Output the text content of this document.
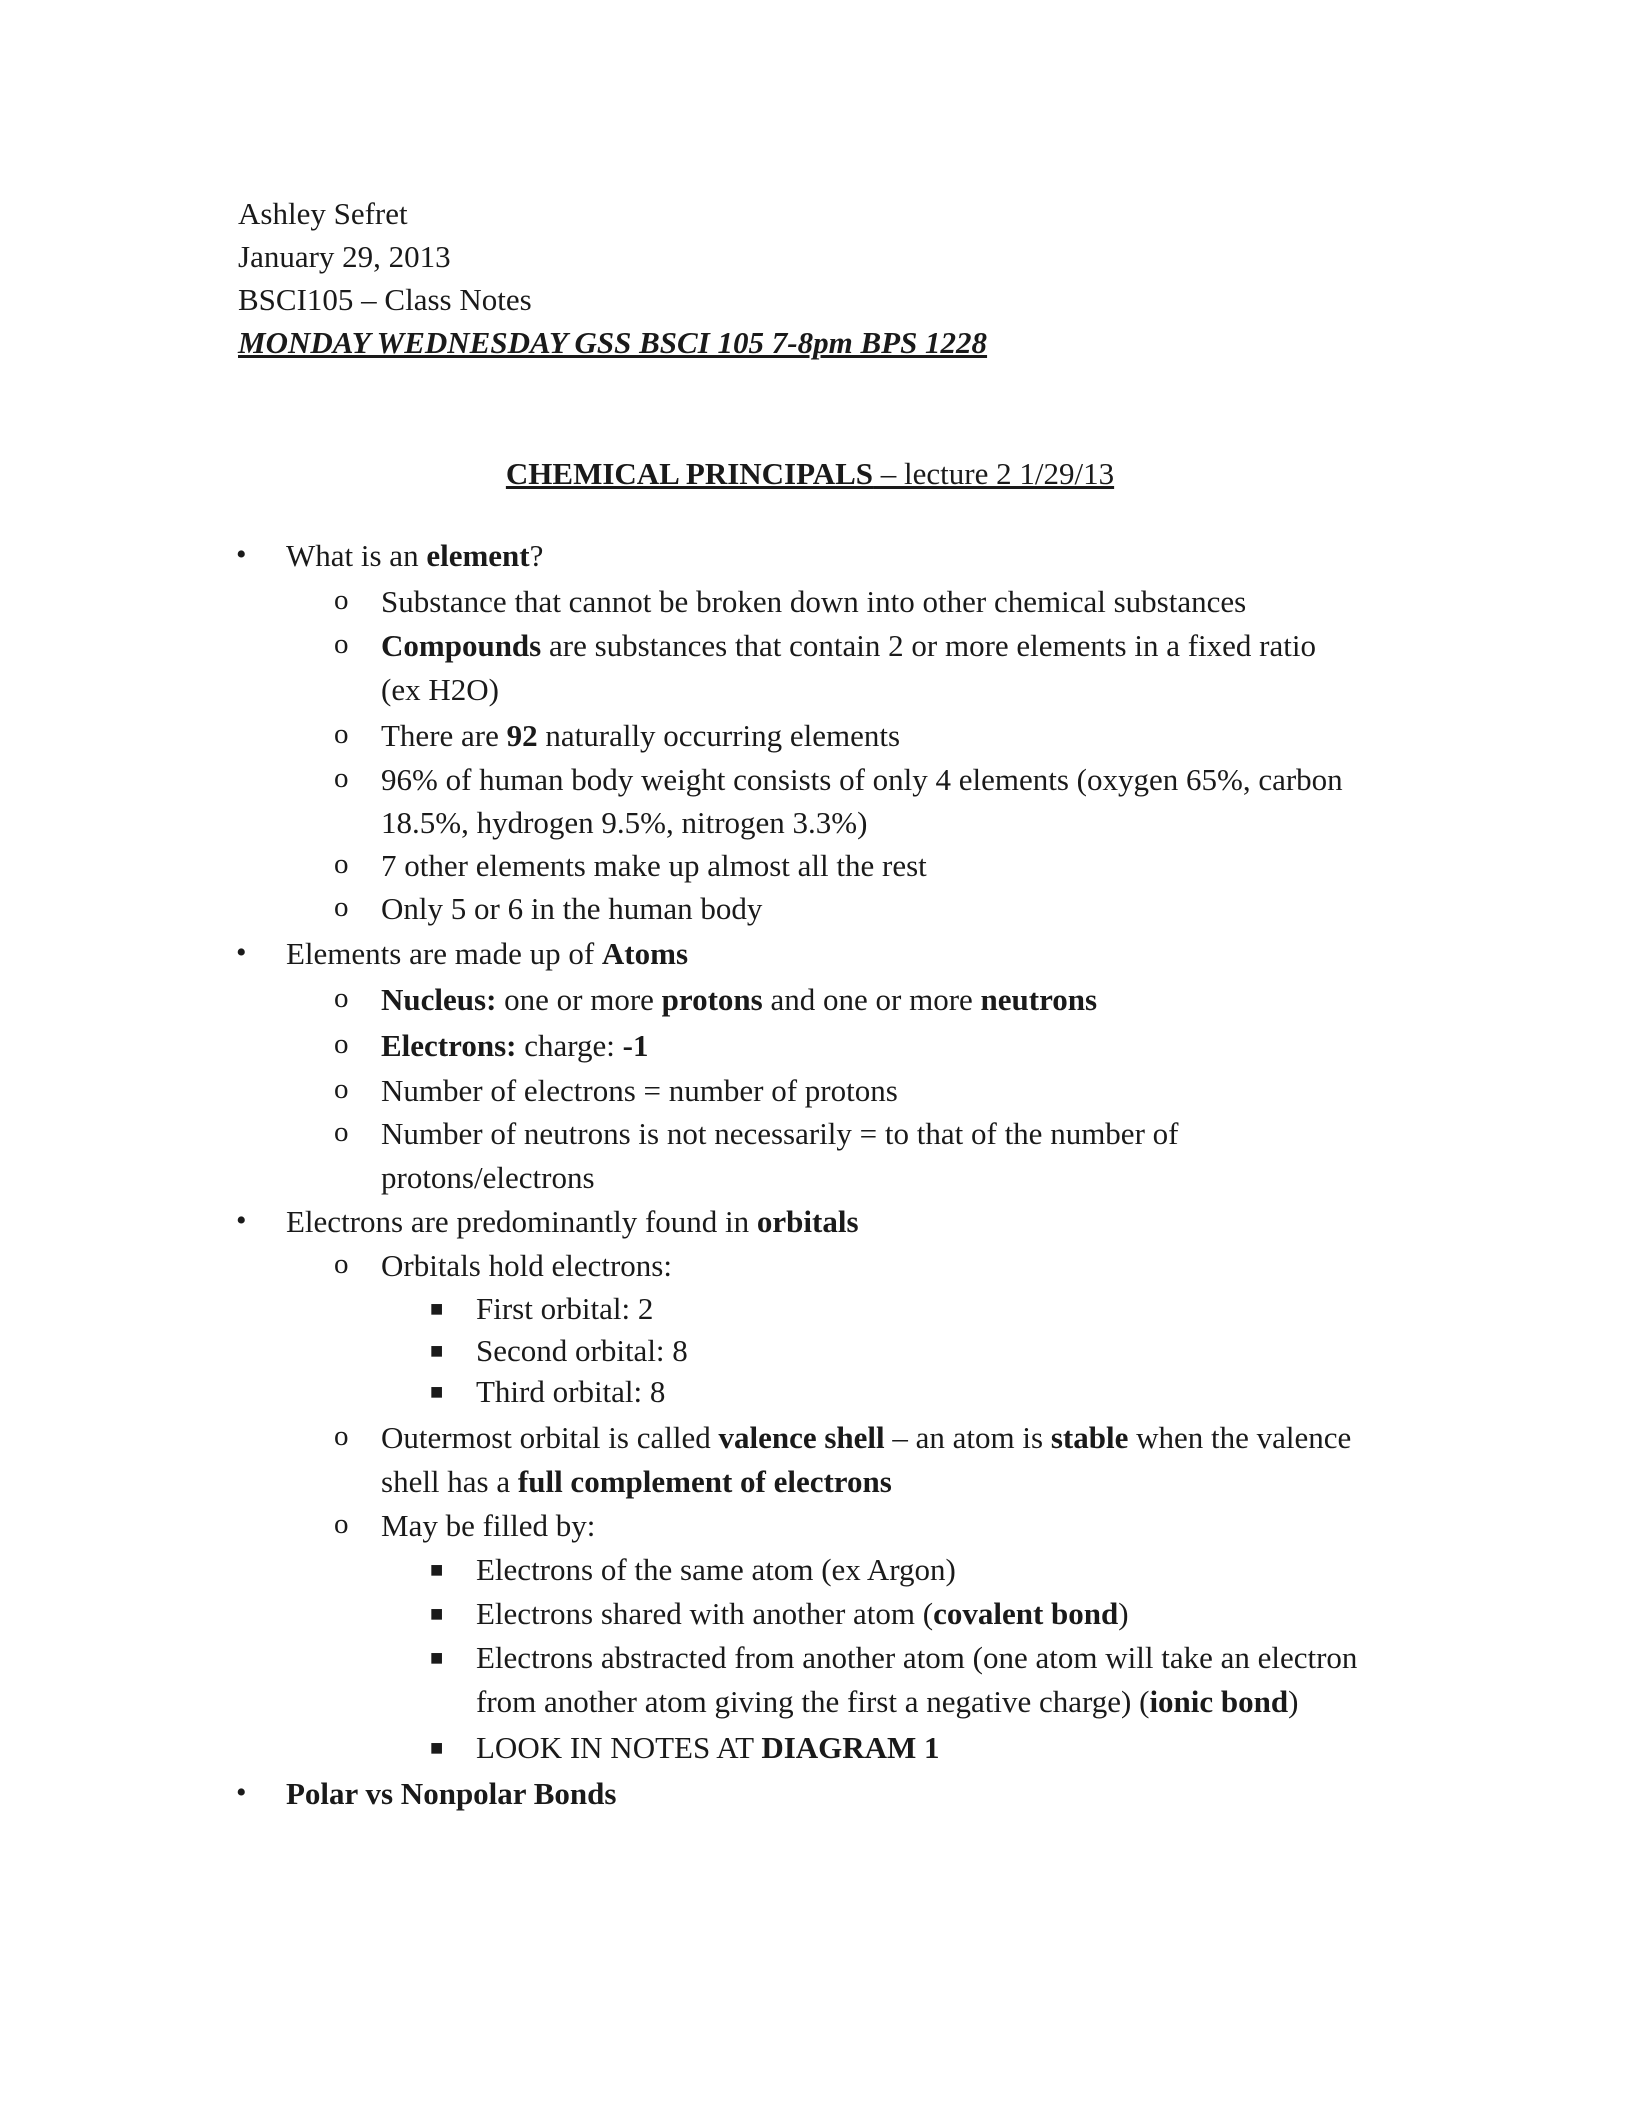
Ashley Sefret
January 29, 2013
BSCI105 – Class Notes
MONDAY WEDNESDAY GSS BSCI 105 7-8pm BPS 1228
CHEMICAL PRINCIPALS – lecture 2 1/29/13
• What is an element?
o Substance that cannot be broken down into other chemical substances
o Compounds are substances that contain 2 or more elements in a fixed ratio
(ex H2O)
o There are 92 naturally occurring elements
o 96% of human body weight consists of only 4 elements (oxygen 65%, carbon
18.5%, hydrogen 9.5%, nitrogen 3.3%)
o 7 other elements make up almost all the rest
o Only 5 or 6 in the human body
• Elements are made up of Atoms
o Nucleus: one or more protons and one or more neutrons
o Electrons: charge: -1
o Number of electrons = number of protons
o Number of neutrons is not necessarily = to that of the number of
protons/electrons
• Electrons are predominantly found in orbitals
o Orbitals hold electrons:
■ First orbital: 2
■ Second orbital: 8
■ Third orbital: 8
o Outermost orbital is called valence shell – an atom is stable when the valence
shell has a full complement of electrons
o May be filled by:
■ Electrons of the same atom (ex Argon)
■ Electrons shared with another atom (covalent bond)
■ Electrons abstracted from another atom (one atom will take an electron
from another atom giving the first a negative charge) (ionic bond)
■ LOOK IN NOTES AT DIAGRAM 1
• Polar vs Nonpolar Bonds
